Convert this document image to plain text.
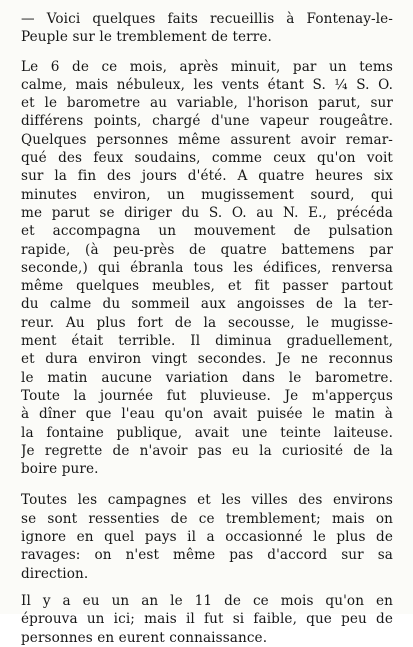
— Voici quelques faits recueillis à Fontenay-le-
Peuple sur le tremblement de terre.
Le 6 de ce mois, après minuit, par un tems
calme, mais nébuleux, les vents étant S. ¼ S. O.
et le barometre au variable, l'horison parut, sur
différens points, chargé d'une vapeur rougeâtre.
Quelques personnes même assurent avoir remar-
qué des feux soudains, comme ceux qu'on voit
sur la fin des jours d'été. A quatre heures six
minutes environ, un mugissement sourd, qui
me parut se diriger du S. O. au N. E., précéda
et accompagna un mouvement de pulsation
rapide, (à peu-près de quatre battemens par
seconde,) qui ébranla tous les édifices, renversa
même quelques meubles, et fit passer partout
du calme du sommeil aux angoisses de la ter-
reur. Au plus fort de la secousse, le mugisse-
ment était terrible. Il diminua graduellement,
et dura environ vingt secondes. Je ne reconnus
le matin aucune variation dans le barometre.
Toute la journée fut pluvieuse. Je m'apperçus
à dîner que l'eau qu'on avait puisée le matin à
la fontaine publique, avait une teinte laiteuse.
Je regrette de n'avoir pas eu la curiosité de la
boire pure.
Toutes les campagnes et les villes des environs
se sont ressenties de ce tremblement; mais on
ignore en quel pays il a occasionné le plus de
ravages: on n'est même pas d'accord sur sa
direction.
Il y a eu un an le 11 de ce mois qu'on en
éprouva un ici; mais il fut si faible, que peu de
personnes en eurent connaissance.
